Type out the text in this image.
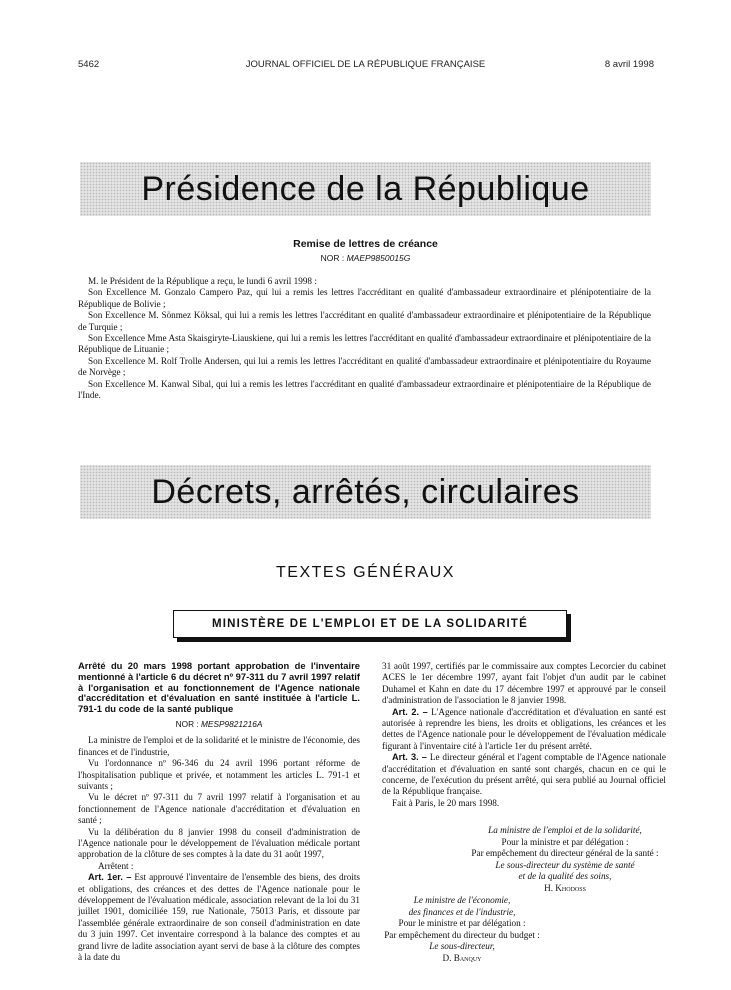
5462	JOURNAL OFFICIEL DE LA RÉPUBLIQUE FRANÇAISE	8 avril 1998
Présidence de la République
Remise de lettres de créance
NOR : MAEP9850015G

M. le Président de la République a reçu, le lundi 6 avril 1998 :

Son Excellence M. Gonzalo Campero Paz, qui lui a remis les lettres l'accréditant en qualité d'ambassadeur extraordinaire et plénipotentiaire de la République de Bolivie ;

Son Excellence M. Sönmez Köksal, qui lui a remis les lettres l'accréditant en qualité d'ambassadeur extraordinaire et plénipotentiaire de la République de Turquie ;

Son Excellence Mme Asta Skaisgiryte-Liauskiene, qui lui a remis les lettres l'accréditant en qualité d'ambassadeur extraordinaire et plénipotentiaire de la République de Lituanie ;

Son Excellence M. Rolf Trolle Andersen, qui lui a remis les lettres l'accréditant en qualité d'ambassadeur extraordinaire et plénipotentiaire du Royaume de Norvège ;

Son Excellence M. Kanwal Sibal, qui lui a remis les lettres l'accréditant en qualité d'ambassadeur extraordinaire et plénipotentiaire de la République de l'Inde.

Décrets, arrêtés, circulaires
TEXTES GÉNÉRAUX
MINISTÈRE DE L'EMPLOI ET DE LA SOLIDARITÉ

Arrêté du 20 mars 1998 portant approbation de l'inventaire mentionné à l'article 6 du décret nº 97-311 du 7 avril 1997 relatif à l'organisation et au fonctionnement de l'Agence nationale d'accréditation et d'évaluation en santé instituée à l'article L. 791-1 du code de la santé publique

NOR : MESP9821216A

La ministre de l'emploi et de la solidarité et le ministre de l'économie, des finances et de l'industrie,

Vu l'ordonnance nº 96-346 du 24 avril 1996 portant réforme de l'hospitalisation publique et privée, et notamment les articles L. 791-1 et suivants ;

Vu le décret nº 97-311 du 7 avril 1997 relatif à l'organisation et au fonctionnement de l'Agence nationale d'accréditation et d'évaluation en santé ;

Vu la délibération du 8 janvier 1998 du conseil d'administration de l'Agence nationale pour le développement de l'évaluation médicale portant approbation de la clôture de ses comptes à la date du 31 août 1997,

Arrêtent :

Art. 1er. – Est approuvé l'inventaire de l'ensemble des biens, des droits et obligations, des créances et des dettes de l'Agence nationale pour le développement de l'évaluation médicale, association relevant de la loi du 31 juillet 1901, domiciliée 159, rue Nationale, 75013 Paris, et dissoute par l'assemblée générale extraordinaire de son conseil d'administration en date du 3 juin 1997. Cet inventaire correspond à la balance des comptes et au grand livre de ladite association ayant servi de base à la clôture des comptes à la date du

31 août 1997, certifiés par le commissaire aux comptes Lecorcier du cabinet ACES le 1er décembre 1997, ayant fait l'objet d'un audit par le cabinet Duhamel et Kahn en date du 17 décembre 1997 et approuvé par le conseil d'administration de l'association le 8 janvier 1998.

Art. 2. – L'Agence nationale d'accréditation et d'évaluation en santé est autorisée à reprendre les biens, les droits et obligations, les créances et les dettes de l'Agence nationale pour le développement de l'évaluation médicale figurant à l'inventaire cité à l'article 1er du présent arrêté.

Art. 3. – Le directeur général et l'agent comptable de l'Agence nationale d'accréditation et d'évaluation en santé sont chargés, chacun en ce qui le concerne, de l'exécution du présent arrêté, qui sera publié au Journal officiel de la République française.

Fait à Paris, le 20 mars 1998.

La ministre de l'emploi et de la solidarité,
Pour la ministre et par délégation :
Par empêchement du directeur général de la santé :
Le sous-directeur du système de santé
et de la qualité des soins,
H. Khodoss
Le ministre de l'économie,
des finances et de l'industrie,
Pour le ministre et par délégation :
Par empêchement du directeur du budget :
Le sous-directeur,
D. Banquy
